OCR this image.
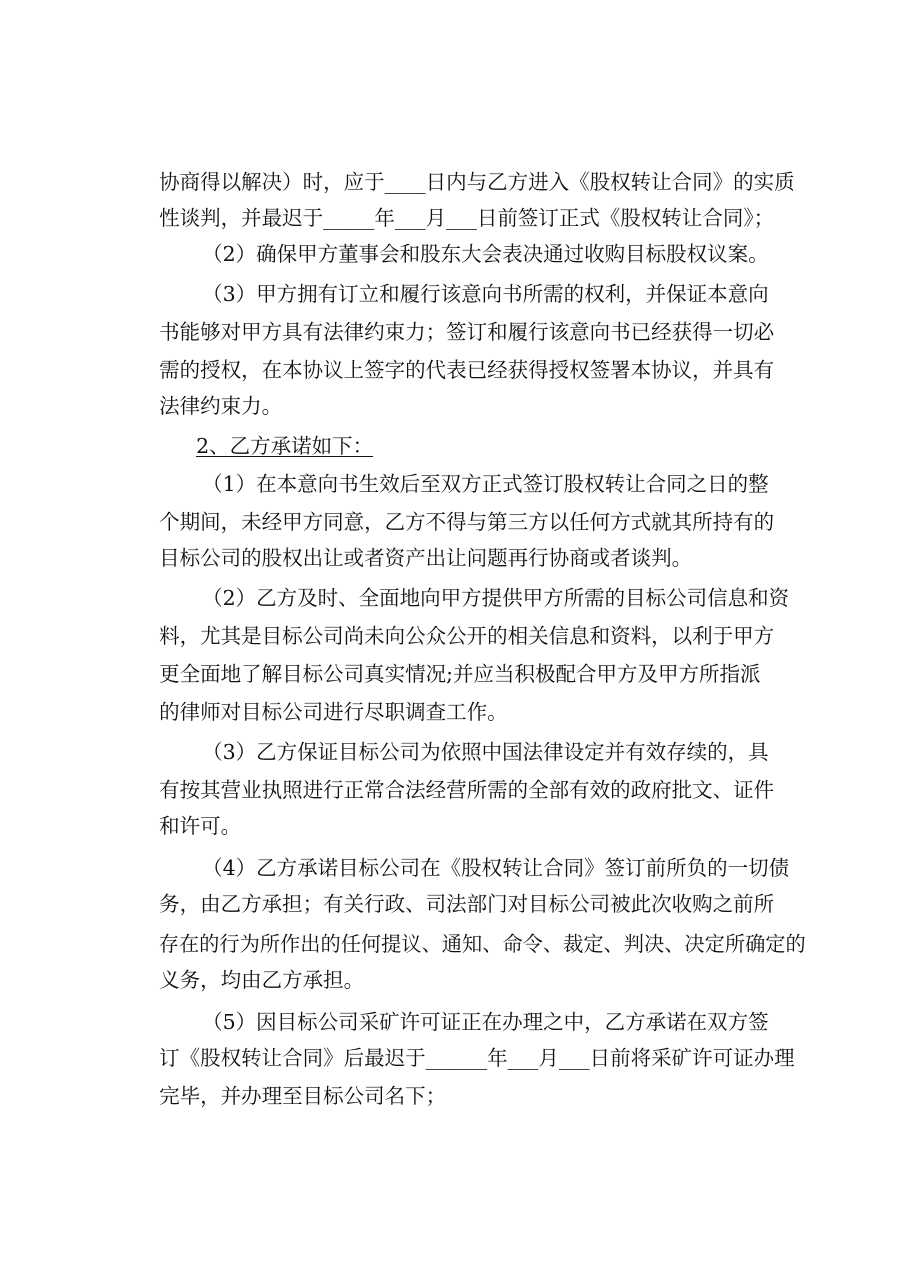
协商得以解决）时，应于____日内与乙方进入《股权转让合同》的实质

性谈判，并最迟于_____年___月___日前签订正式《股权转让合同》；

（2）确保甲方董事会和股东大会表决通过收购目标股权议案。

（3）甲方拥有订立和履行该意向书所需的权利，并保证本意向

书能够对甲方具有法律约束力；签订和履行该意向书已经获得一切必

需的授权，在本协议上签字的代表已经获得授权签署本协议，并具有

法律约束力。

2、乙方承诺如下：

（1）在本意向书生效后至双方正式签订股权转让合同之日的整

个期间，未经甲方同意，乙方不得与第三方以任何方式就其所持有的

目标公司的股权出让或者资产出让问题再行协商或者谈判。

（2）乙方及时、全面地向甲方提供甲方所需的目标公司信息和资

料，尤其是目标公司尚未向公众公开的相关信息和资料，以利于甲方

更全面地了解目标公司真实情况;并应当积极配合甲方及甲方所指派

的律师对目标公司进行尽职调查工作。

（3）乙方保证目标公司为依照中国法律设定并有效存续的，具

有按其营业执照进行正常合法经营所需的全部有效的政府批文、证件

和许可。

（4）乙方承诺目标公司在《股权转让合同》签订前所负的一切债

务，由乙方承担；有关行政、司法部门对目标公司被此次收购之前所

存在的行为所作出的任何提议、通知、命令、裁定、判决、决定所确定的

义务，均由乙方承担。

（5）因目标公司采矿许可证正在办理之中，乙方承诺在双方签

订《股权转让合同》后最迟于______年___月___日前将采矿许可证办理

完毕，并办理至目标公司名下；
